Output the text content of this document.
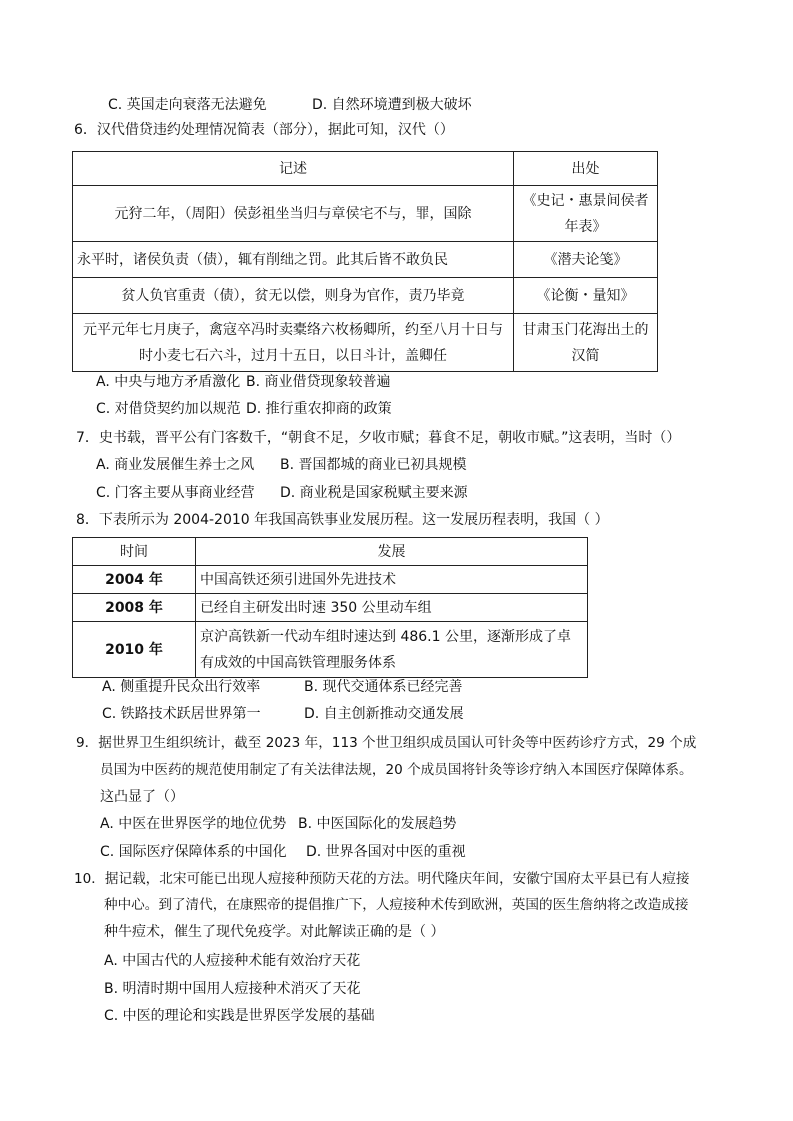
C. 英国走向衰落无法避免	D. 自然环境遭到极大破坏
6．汉代借贷违约处理情况简表（部分），据此可知，汉代（）
记述	出处
元狩二年，（周阳）侯彭祖坐当归与章侯宅不与，罪，国除	《史记・惠景间侯者年表》
永平时，诸侯负责（债），辄有削绌之罚。此其后皆不敢负民	《潜夫论笺》
贫人负官重责（债），贫无以偿，则身为官作，责乃毕竟	《论衡・量知》
元平元年七月庚子，禽寇卒冯时卖橐络六枚杨卿所，约至八月十日与时小麦七石六斗，过月十五日，以日斗计，盖卿任	甘肃玉门花海出土的汉简
A. 中央与地方矛盾激化 B. 商业借贷现象较普遍
C. 对借贷契约加以规范 D. 推行重农抑商的政策
7．史书载，晋平公有门客数千，“朝食不足，夕收市赋；暮食不足，朝收市赋。”这表明，当时（）
A. 商业发展催生养士之风 B. 晋国都城的商业已初具规模
C. 门客主要从事商业经营 D. 商业税是国家税赋主要来源
8．下表所示为 2004-2010 年我国高铁事业发展历程。这一发展历程表明，我国（ ）
时间	发展
2004 年	中国高铁还须引进国外先进技术
2008 年	已经自主研发出时速 350 公里动车组
2010 年	京沪高铁新一代动车组时速达到 486.1 公里，逐渐形成了卓有成效的中国高铁管理服务体系
A. 侧重提升民众出行效率	B. 现代交通体系已经完善
C. 铁路技术跃居世界第一	D. 自主创新推动交通发展
9．据世界卫生组织统计，截至 2023 年，113 个世卫组织成员国认可针灸等中医药诊疗方式，29 个成
员国为中医药的规范使用制定了有关法律法规，20 个成员国将针灸等诊疗纳入本国医疗保障体系。
这凸显了（）
A. 中医在世界医学的地位优势 B. 中医国际化的发展趋势
C. 国际医疗保障体系的中国化 D. 世界各国对中医的重视
10．据记载，北宋可能已出现人痘接种预防天花的方法。明代隆庆年间，安徽宁国府太平县已有人痘接
种中心。到了清代，在康熙帝的提倡推广下，人痘接种术传到欧洲，英国的医生詹纳将之改造成接
种牛痘术，催生了现代免疫学。对此解读正确的是（ ）
A. 中国古代的人痘接种术能有效治疗天花
B. 明清时期中国用人痘接种术消灭了天花
C. 中医的理论和实践是世界医学发展的基础
